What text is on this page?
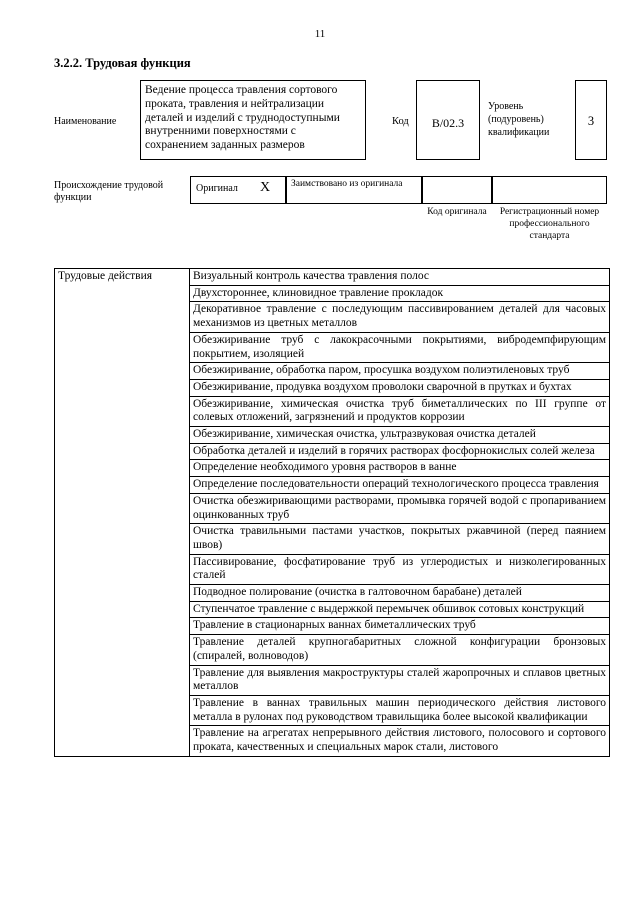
11
3.2.2. Трудовая функция
Наименование
Ведение процесса травления сортового проката, травления и нейтрализации деталей и изделий с труднодоступными внутренними поверхностями с сохранением заданных размеров
Код	В/02.3
Уровень (подуровень) квалификации
3
Происхождение трудовой функции
Оригинал X	Заимствовано из оригинала
Код оригинала	Регистрационный номер профессионального стандарта
Трудовые действия	Визуальный контроль качества травления полос
Двухстороннее, клиновидное травление прокладок
Декоративное травление с последующим пассивированием деталей для часовых механизмов из цветных металлов
Обезжиривание труб с лакокрасочными покрытиями, вибродемпфирующим покрытием, изоляцией
Обезжиривание, обработка паром, просушка воздухом полиэтиленовых труб
Обезжиривание, продувка воздухом проволоки сварочной в прутках и бухтах
Обезжиривание, химическая очистка труб биметаллических по III группе от солевых отложений, загрязнений и продуктов коррозии
Обезжиривание, химическая очистка, ультразвуковая очистка деталей
Обработка деталей и изделий в горячих растворах фосфорнокислых солей железа
Определение необходимого уровня растворов в ванне
Определение последовательности операций технологического процесса травления
Очистка обезжиривающими растворами, промывка горячей водой с пропариванием оцинкованных труб
Очистка травильными пастами участков, покрытых ржавчиной (перед паянием швов)
Пассивирование, фосфатирование труб из углеродистых и низколегированных сталей
Подводное полирование (очистка в галтовочном барабане) деталей
Ступенчатое травление с выдержкой перемычек обшивок сотовых конструкций
Травление в стационарных ваннах биметаллических труб
Травление деталей крупногабаритных сложной конфигурации бронзовых (спиралей, волноводов)
Травление для выявления макроструктуры сталей жаропрочных и сплавов цветных металлов
Травление в ваннах травильных машин периодического действия листового металла в рулонах под руководством травильщика более высокой квалификации
Травление на агрегатах непрерывного действия листового, полосового и сортового проката, качественных и специальных марок стали, листового
